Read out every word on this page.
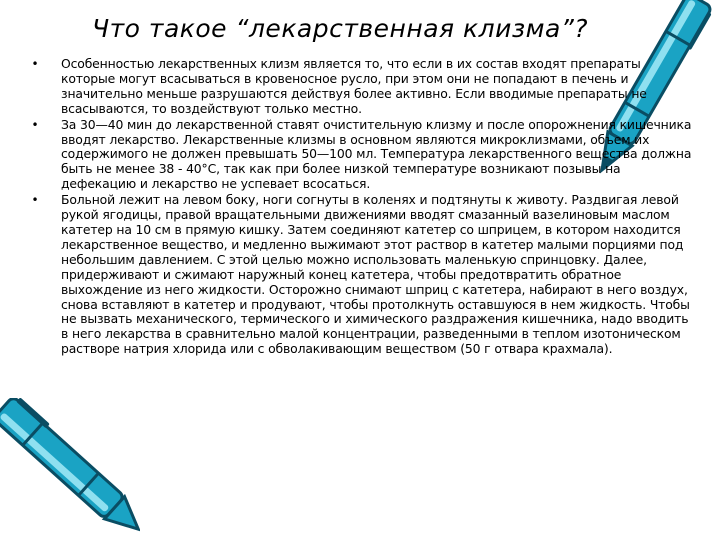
Что такое “лекарственная клизма”?
• Особенностью лекарственных клизм является то, что если в их состав входят препараты которые могут всасываться в кровеносное русло, при этом они не попадают в печень и значительно меньше разрушаются действуя более активно. Если вводимые препараты не всасываются, то воздействуют только местно.
• За 30—40 мин до лекарственной ставят очистительную клизму и после опорожнения кишечника вводят лекарство. Лекарственные клизмы в основном являются микроклизмами, объем их содержимого не должен превышать 50—100 мл. Температура лекарственного вещества должна быть не менее 38 - 40°С, так как при более низкой температуре возникают позывы на дефекацию и лекарство не успевает всосаться.
• Больной лежит на левом боку, ноги согнуты в коленях и подтянуты к животу. Раздвигая левой рукой ягодицы, правой вращательными движениями вводят смазанный вазелиновым маслом катетер на 10 см в прямую кишку. Затем соединяют катетер со шприцем, в котором находится лекарственное вещество, и медленно выжимают этот раствор в катетер малыми порциями под небольшим давлением. С этой целью можно использовать маленькую спринцовку. Далее, придерживают и сжимают наружный конец катетера, чтобы предотвратить обратное выхождение из него жидкости. Осторожно снимают шприц с катетера, набирают в него воздух, снова вставляют в катетер и продувают, чтобы протолкнуть оставшуюся в нем жидкость. Чтобы не вызвать механического, термического и химического раздражения кишечника, надо вводить в него лекарства в сравнительно малой концентрации, разведенными в теплом изотоническом растворе натрия хлорида или с обволакивающим веществом (50 г отвара крахмала).
